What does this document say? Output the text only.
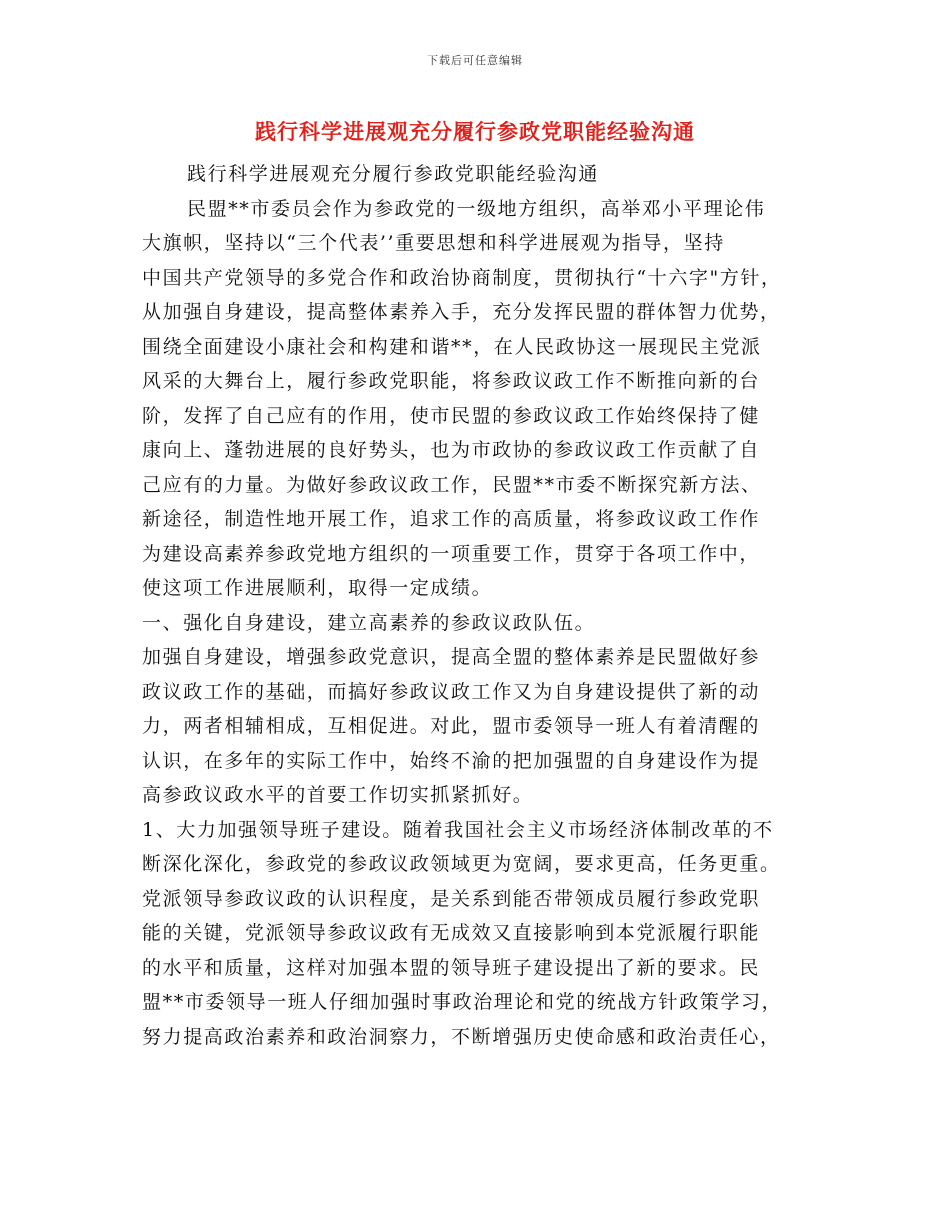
下载后可任意编辑
践行科学进展观充分履行参政党职能经验沟通
践行科学进展观充分履行参政党职能经验沟通
民盟**市委员会作为参政党的一级地方组织，高举邓小平理论伟
大旗帜，坚持以“三个代表’’重要思想和科学进展观为指导，坚持
中国共产党领导的多党合作和政治协商制度，贯彻执行“十六字"方针，
从加强自身建设，提高整体素养入手，充分发挥民盟的群体智力优势，
围绕全面建设小康社会和构建和谐**，在人民政协这一展现民主党派
风采的大舞台上，履行参政党职能，将参政议政工作不断推向新的台
阶，发挥了自己应有的作用，使市民盟的参政议政工作始终保持了健
康向上、蓬勃进展的良好势头，也为市政协的参政议政工作贡献了自
己应有的力量。为做好参政议政工作，民盟**市委不断探究新方法、
新途径，制造性地开展工作，追求工作的高质量，将参政议政工作作
为建设高素养参政党地方组织的一项重要工作，贯穿于各项工作中，
使这项工作进展顺利，取得一定成绩。
一、强化自身建设，建立高素养的参政议政队伍。
加强自身建设，增强参政党意识，提高全盟的整体素养是民盟做好参
政议政工作的基础，而搞好参政议政工作又为自身建设提供了新的动
力，两者相辅相成，互相促进。对此，盟市委领导一班人有着清醒的
认识，在多年的实际工作中，始终不渝的把加强盟的自身建设作为提
高参政议政水平的首要工作切实抓紧抓好。
1、大力加强领导班子建设。随着我国社会主义市场经济体制改革的不
断深化深化，参政党的参政议政领域更为宽阔，要求更高，任务更重。
党派领导参政议政的认识程度，是关系到能否带领成员履行参政党职
能的关键，党派领导参政议政有无成效又直接影响到本党派履行职能
的水平和质量，这样对加强本盟的领导班子建设提出了新的要求。民
盟**市委领导一班人仔细加强时事政治理论和党的统战方针政策学习，
努力提高政治素养和政治洞察力，不断增强历史使命感和政治责任心，
